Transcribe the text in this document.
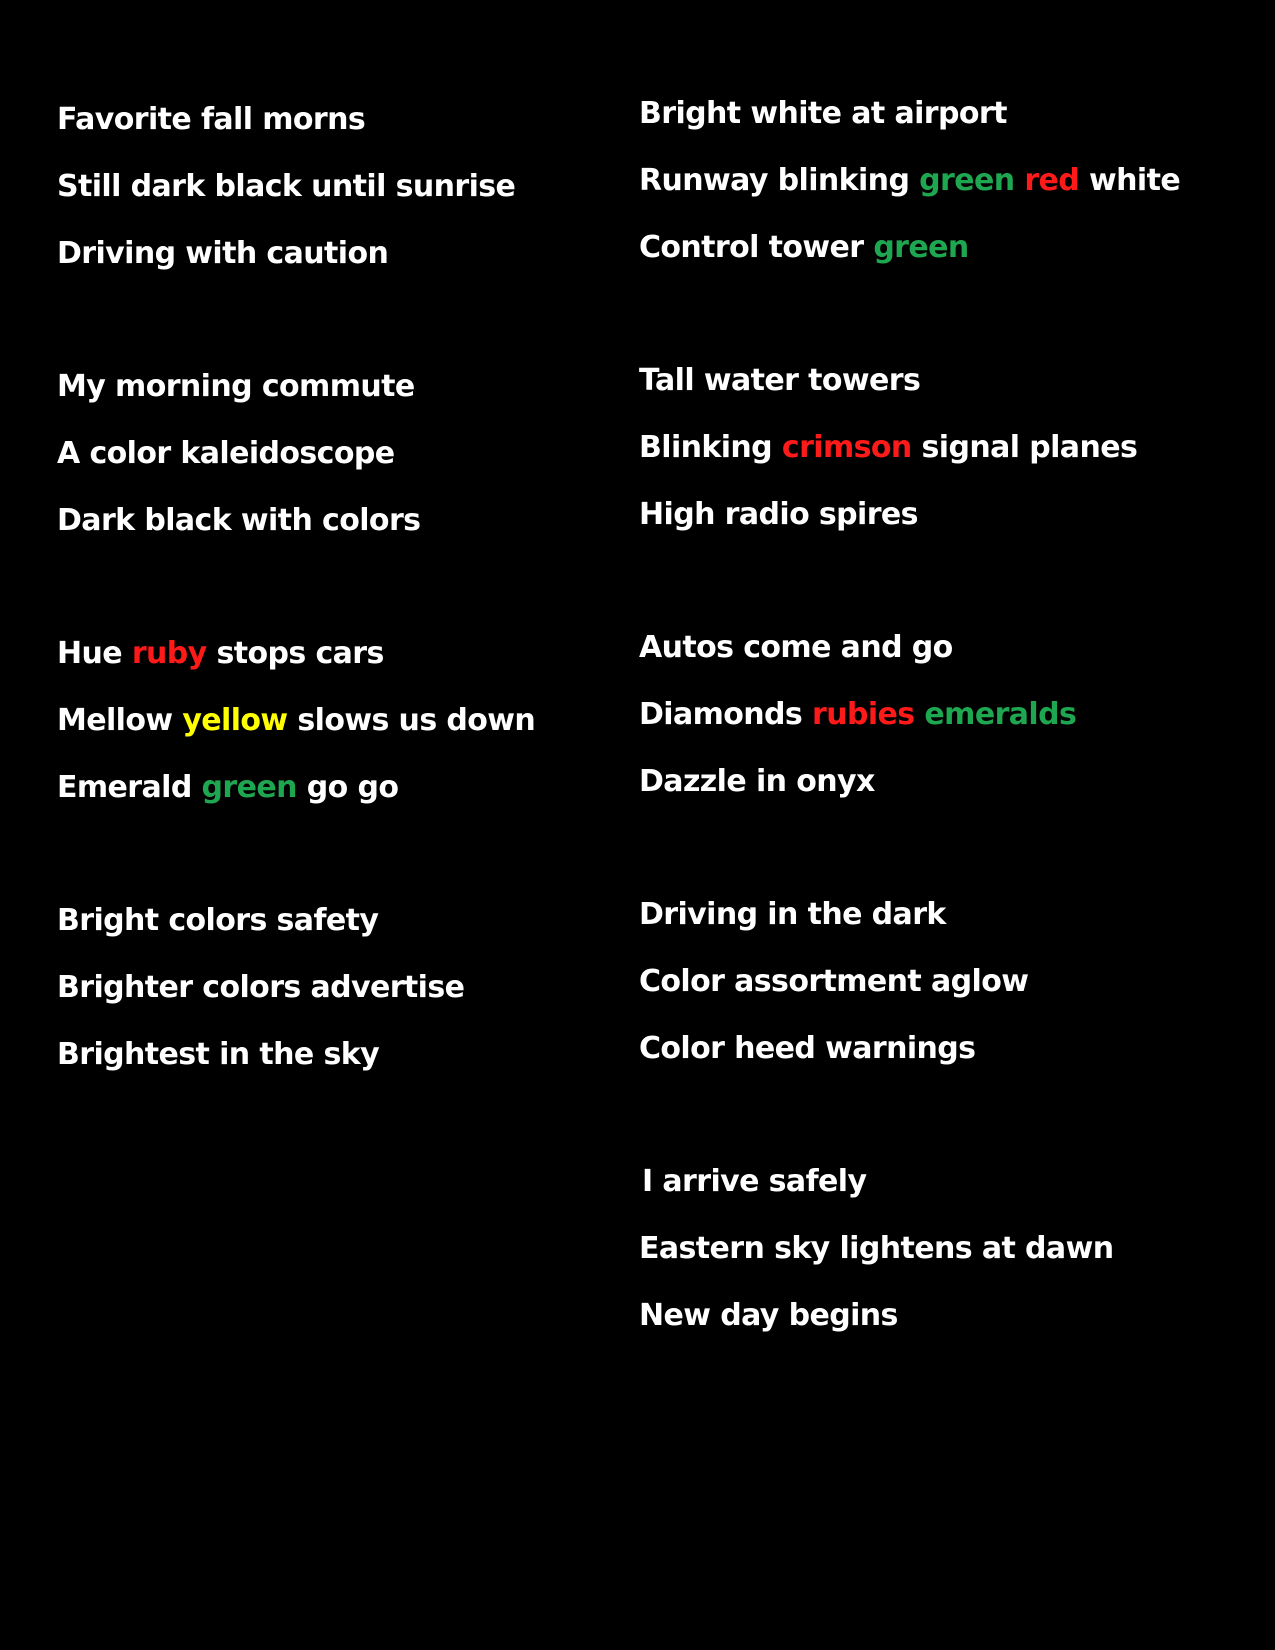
Favorite fall morns
Still dark black until sunrise
Driving with caution
My morning commute
A color kaleidoscope
Dark black with colors
Hue ruby stops cars
Mellow yellow slows us down
Emerald green go go
Bright colors safety
Brighter colors advertise
Brightest in the sky
Bright white at airport
Runway blinking green red white
Control tower green
Tall water towers
Blinking crimson signal planes
High radio spires
Autos come and go
Diamonds rubies emeralds
Dazzle in onyx
Driving in the dark
Color assortment aglow
Color heed warnings
I arrive safely
Eastern sky lightens at dawn
New day begins
